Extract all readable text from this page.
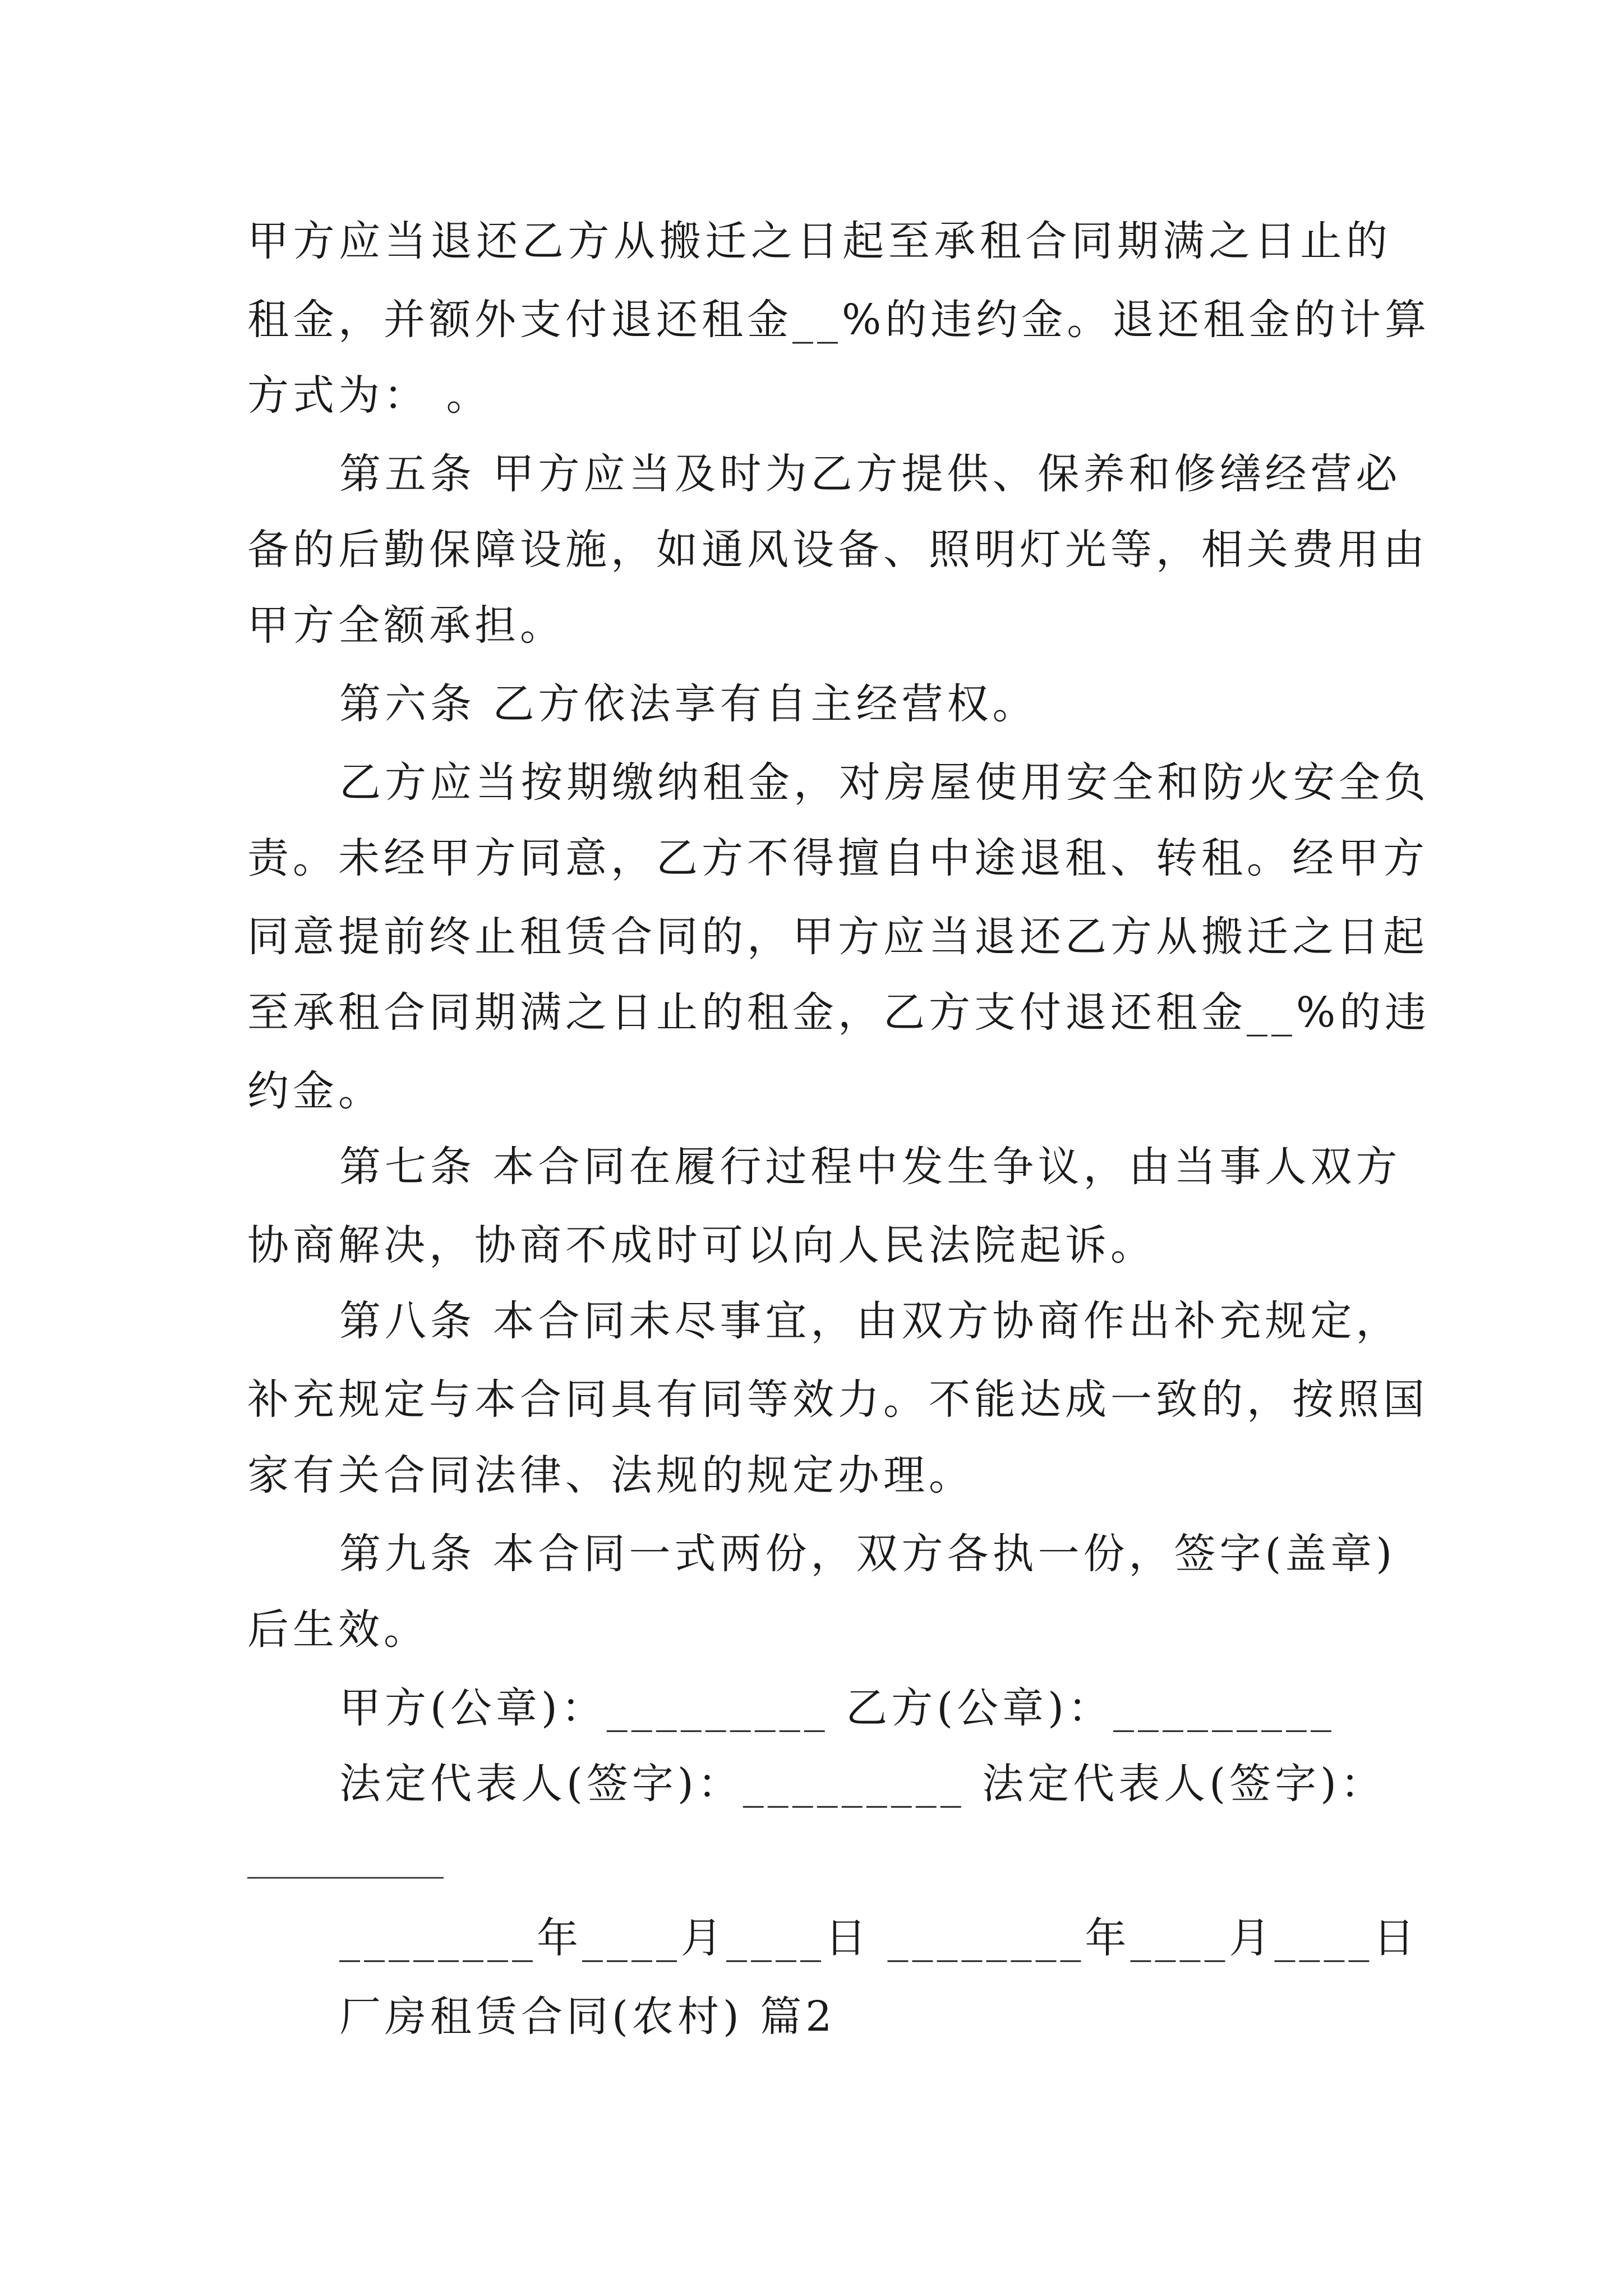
甲方应当退还乙方从搬迁之日起至承租合同期满之日止的
租金，并额外支付退还租金__%的违约金。退还租金的计算
方式为： 。
第五条 甲方应当及时为乙方提供、保养和修缮经营必
备的后勤保障设施，如通风设备、照明灯光等，相关费用由
甲方全额承担。
第六条 乙方依法享有自主经营权。
乙方应当按期缴纳租金，对房屋使用安全和防火安全负
责。未经甲方同意，乙方不得擅自中途退租、转租。经甲方
同意提前终止租赁合同的，甲方应当退还乙方从搬迁之日起
至承租合同期满之日止的租金，乙方支付退还租金__%的违
约金。
第七条 本合同在履行过程中发生争议，由当事人双方
协商解决，协商不成时可以向人民法院起诉。
第八条 本合同未尽事宜，由双方协商作出补充规定，
补充规定与本合同具有同等效力。不能达成一致的，按照国
家有关合同法律、法规的规定办理。
第九条 本合同一式两份，双方各执一份，签字(盖章)
后生效。
甲方(公章)：_________ 乙方(公章)：_________
法定代表人(签字)：_________ 法定代表人(签字)：
________年____月____日 ________年____月____日
厂房租赁合同(农村) 篇2
